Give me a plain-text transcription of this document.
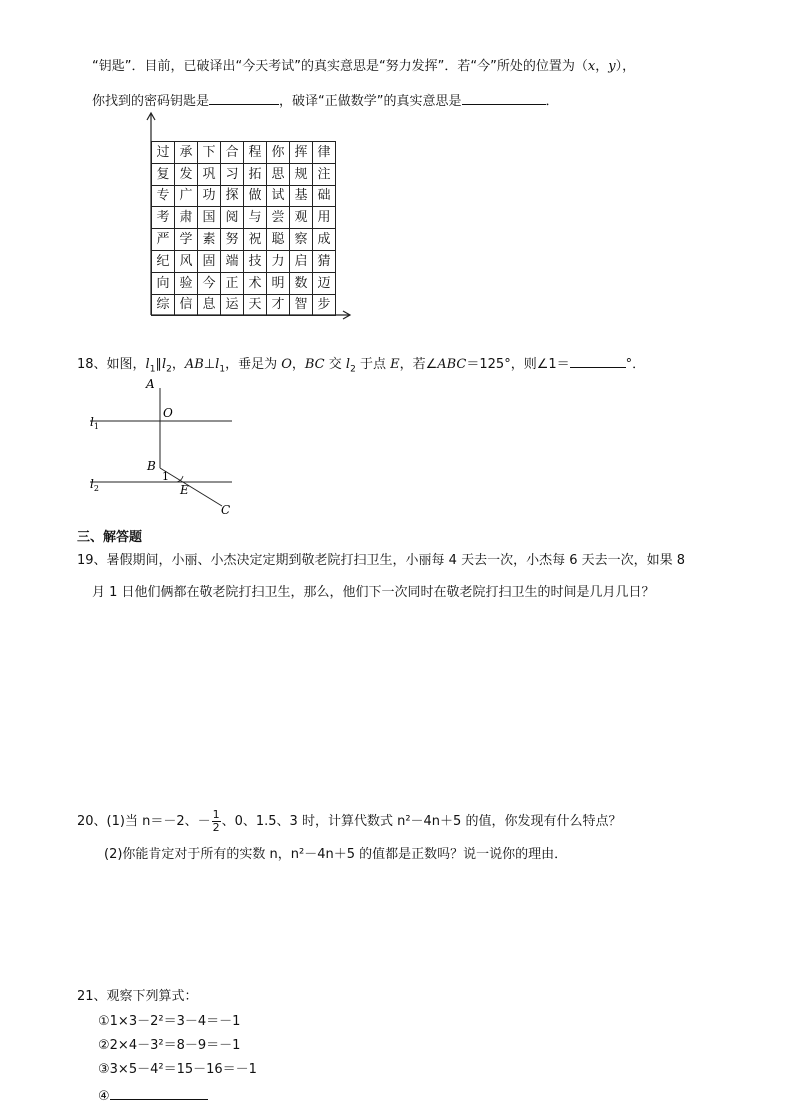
“钥匙”．目前，已破译出“今天考试”的真实意思是“努力发挥”．若“今”所处的位置为（x，y），
你找到的密码钥匙是	，破译“正做数学”的真实意思是	．
过	承	下	合	程	你	挥	律
复	发	巩	习	拓	思	规	注
专	广	功	探	做	试	基	础
考	肃	国	阅	与	尝	观	用
严	学	素	努	祝	聪	察	成
纪	风	固	端	技	力	启	猜
向	验	今	正	术	明	数	迈
综	信	息	运	天	才	智	步
18、如图，$l_1\parallel l_2$，$AB\perp l_1$，垂足为 O，BC 交 $l_2$ 于点 E，若∠ABC＝125°，则∠1＝	°．
A
O
B
1
E
C
$l_1$
$l_2$
三、解答题
19、暑假期间，小丽、小杰决定定期到敬老院打扫卫生，小丽每 4 天去一次，小杰每 6 天去一次，如果 8
月 1 日他们俩都在敬老院打扫卫生，那么，他们下一次同时在敬老院打扫卫生的时间是几月几日？
20、(1)当 n＝－2、－ $\frac{1}{2}$ 、0、1.5、3 时，计算代数式 n²－4n＋5 的值，你发现有什么特点？
(2)你能肯定对于所有的实数 n，n²－4n＋5 的值都是正数吗？说一说你的理由．
21、观察下列算式：
①1×3－2²＝3－4＝－1
②2×4－3²＝8－9＝－1
③3×5－4²＝15－16＝－1
④
